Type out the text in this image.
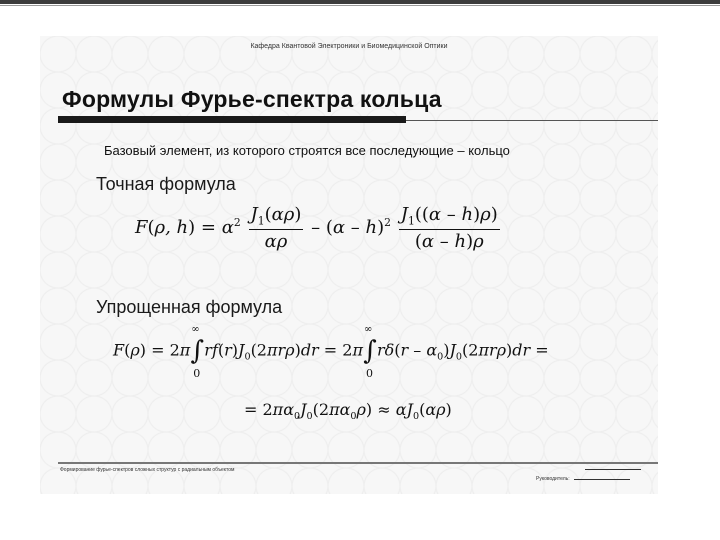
Кафедра Квантовой Электроники и Биомедицинской Оптики
Формулы Фурье-спектра кольца
Базовый элемент, из которого строятся все последующие – кольцо
Точная формула
F(ρ, $h) = \alpha^2 \frac{J_1(\alpha\rho)}{\alpha\rho} - (\alpha - h)^2 \frac{J_1((\alpha - h)\rho)}{(\alpha - h)\rho}$
Упрощенная формула
F(ρ) = 2π
∞
∫
0
$rf(r)J_0(2\pi r\rho)dr = 2\pi$
∞
∫
0
$r\delta(r - \alpha_0)J_0(2\pi r\rho)dr$ =
= $2\pi\alpha_0J_0(2\pi\alpha_0\rho) \approx \alpha J_0(\alpha\rho)$
Формирование фурье-спектров сложных структур с радиальным объектом
Руководитель:
